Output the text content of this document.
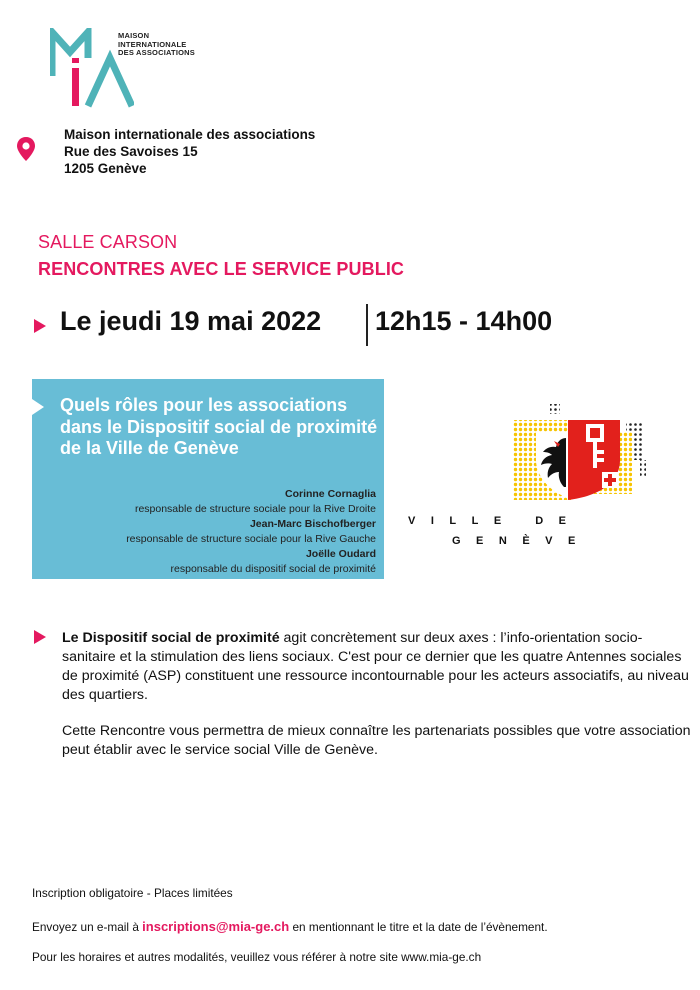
MAISON
INTERNATIONALE
DES ASSOCIATIONS
Maison internationale des associations
Rue des Savoises 15
1205 Genève
SALLE CARSON
RENCONTRES AVEC LE SERVICE PUBLIC
Le jeudi 19 mai 2022 12h15 - 14h00
Quels rôles pour les associations dans le Dispositif social de proximité de la Ville de Genève
Corinne Cornaglia
responsable de structure sociale pour la Rive Droite
Jean-Marc Bischofberger
responsable de structure sociale pour la Rive Gauche
Joëlle Oudard
responsable du dispositif social de proximité
VILLE DE
GENÈVE
Le Dispositif social de proximité agit concrètement sur deux axes : l’info-orientation socio-sanitaire et la stimulation des liens sociaux. C'est pour ce dernier que les quatre Antennes sociales de proximité (ASP) constituent une ressource incontournable pour les acteurs associatifs, au niveau des quartiers.
Cette Rencontre vous permettra de mieux connaître les partenariats possibles que votre association peut établir avec le service social Ville de Genève.
Inscription obligatoire - Places limitées
Envoyez un e-mail à inscriptions@mia-ge.ch en mentionnant le titre et la date de l’évènement.
Pour les horaires et autres modalités, veuillez vous référer à notre site www.mia-ge.ch
